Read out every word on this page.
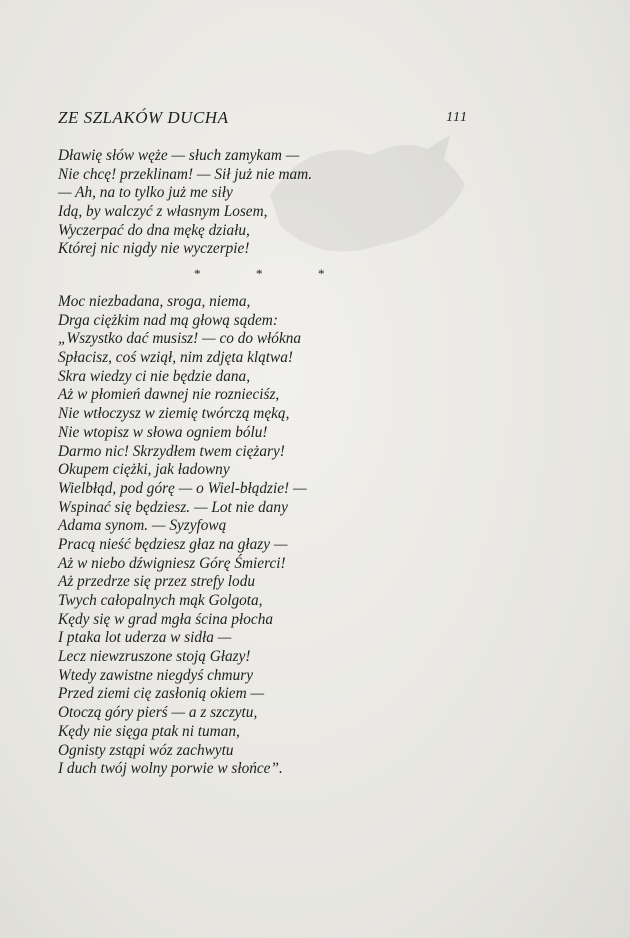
ZE SZLAKÓW DUCHA	111
Dławię słów węże — słuch zamykam —
Nie chcę! przeklinam! — Sił już nie mam.
— Ah, na to tylko już me siły
Idą, by walczyć z własnym Losem,
Wyczerpać do dna mękę działu,
Której nic nigdy nie wyczerpie!
*	*	*
Moc niezbadana, sroga, niema,
Drga ciężkim nad mą głową sądem:
„Wszystko dać musisz! — co do włókna
Spłacisz, coś wziął, nim zdjęta klątwa!
Skra wiedzy ci nie będzie dana,
Aż w płomień dawnej nie roznieciśz,
Nie wtłoczysz w ziemię twórczą męką,
Nie wtopisz w słowa ogniem bólu!
Darmo nic! Skrzydłem twem ciężary!
Okupem ciężki, jak ładowny
Wielbłąd, pod górę — o Wiel-błądzie! —
Wspinać się będziesz. — Lot nie dany
Adama synom. — Syzyfową
Pracą nieść będziesz głaz na głazy —
Aż w niebo dźwigniesz Górę Śmierci!
Aż przedrze się przez strefy lodu
Twych całopalnych mąk Golgota,
Kędy się w grad mgła ścina płocha
I ptaka lot uderza w sidła —
Lecz niewzruszone stoją Głazy!
Wtedy zawistne niegdyś chmury
Przed ziemi cię zasłonią okiem —
Otoczą góry pierś — a z szczytu,
Kędy nie sięga ptak ni tuman,
Ognisty zstąpi wóz zachwytu
I duch twój wolny porwie w słońce”.
